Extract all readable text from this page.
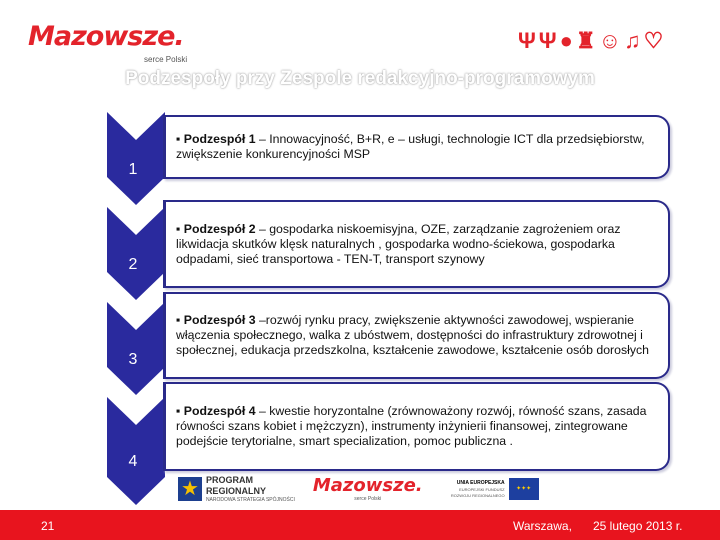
Mazowsze.
serce Polski
ΨΨ●♜☺♫♡
Podzespoły przy Zespole redakcyjno-programowym
1
▪ Podzespół 1 – Innowacyjność, B+R, e – usługi, technologie ICT dla przedsiębiorstw, zwiększenie konkurencyjności MSP
2
▪ Podzespół 2 – gospodarka niskoemisyjna, OZE, zarządzanie zagrożeniem oraz likwidacja skutków klęsk naturalnych , gospodarka wodno-ściekowa, gospodarka odpadami, sieć transportowa - TEN-T, transport szynowy
3
▪ Podzespół 3 –rozwój rynku pracy, zwiększenie aktywności zawodowej, wspieranie włączenia społecznego, walka z ubóstwem, dostępności do infrastruktury zdrowotnej i społecznej, edukacja przedszkolna, kształcenie zawodowe, kształcenie osób dorosłych
4
▪ Podzespół 4 – kwestie horyzontalne (zrównoważony rozwój, równość szans, zasada równości szans kobiet i mężczyzn), instrumenty inżynierii finansowej, zintegrowane podejście terytorialne, smart specialization, pomoc publiczna .
★ PROGRAM REGIONALNY
NARODOWA STRATEGIA SPÓJNOŚCI
Mazowsze.
serce Polski
UNIA EUROPEJSKA
EUROPEJSKI FUNDUSZ ROZWOJU REGIONALNEGO
✦✦✦
21	Warszawa, 25 lutego 2013 r.
